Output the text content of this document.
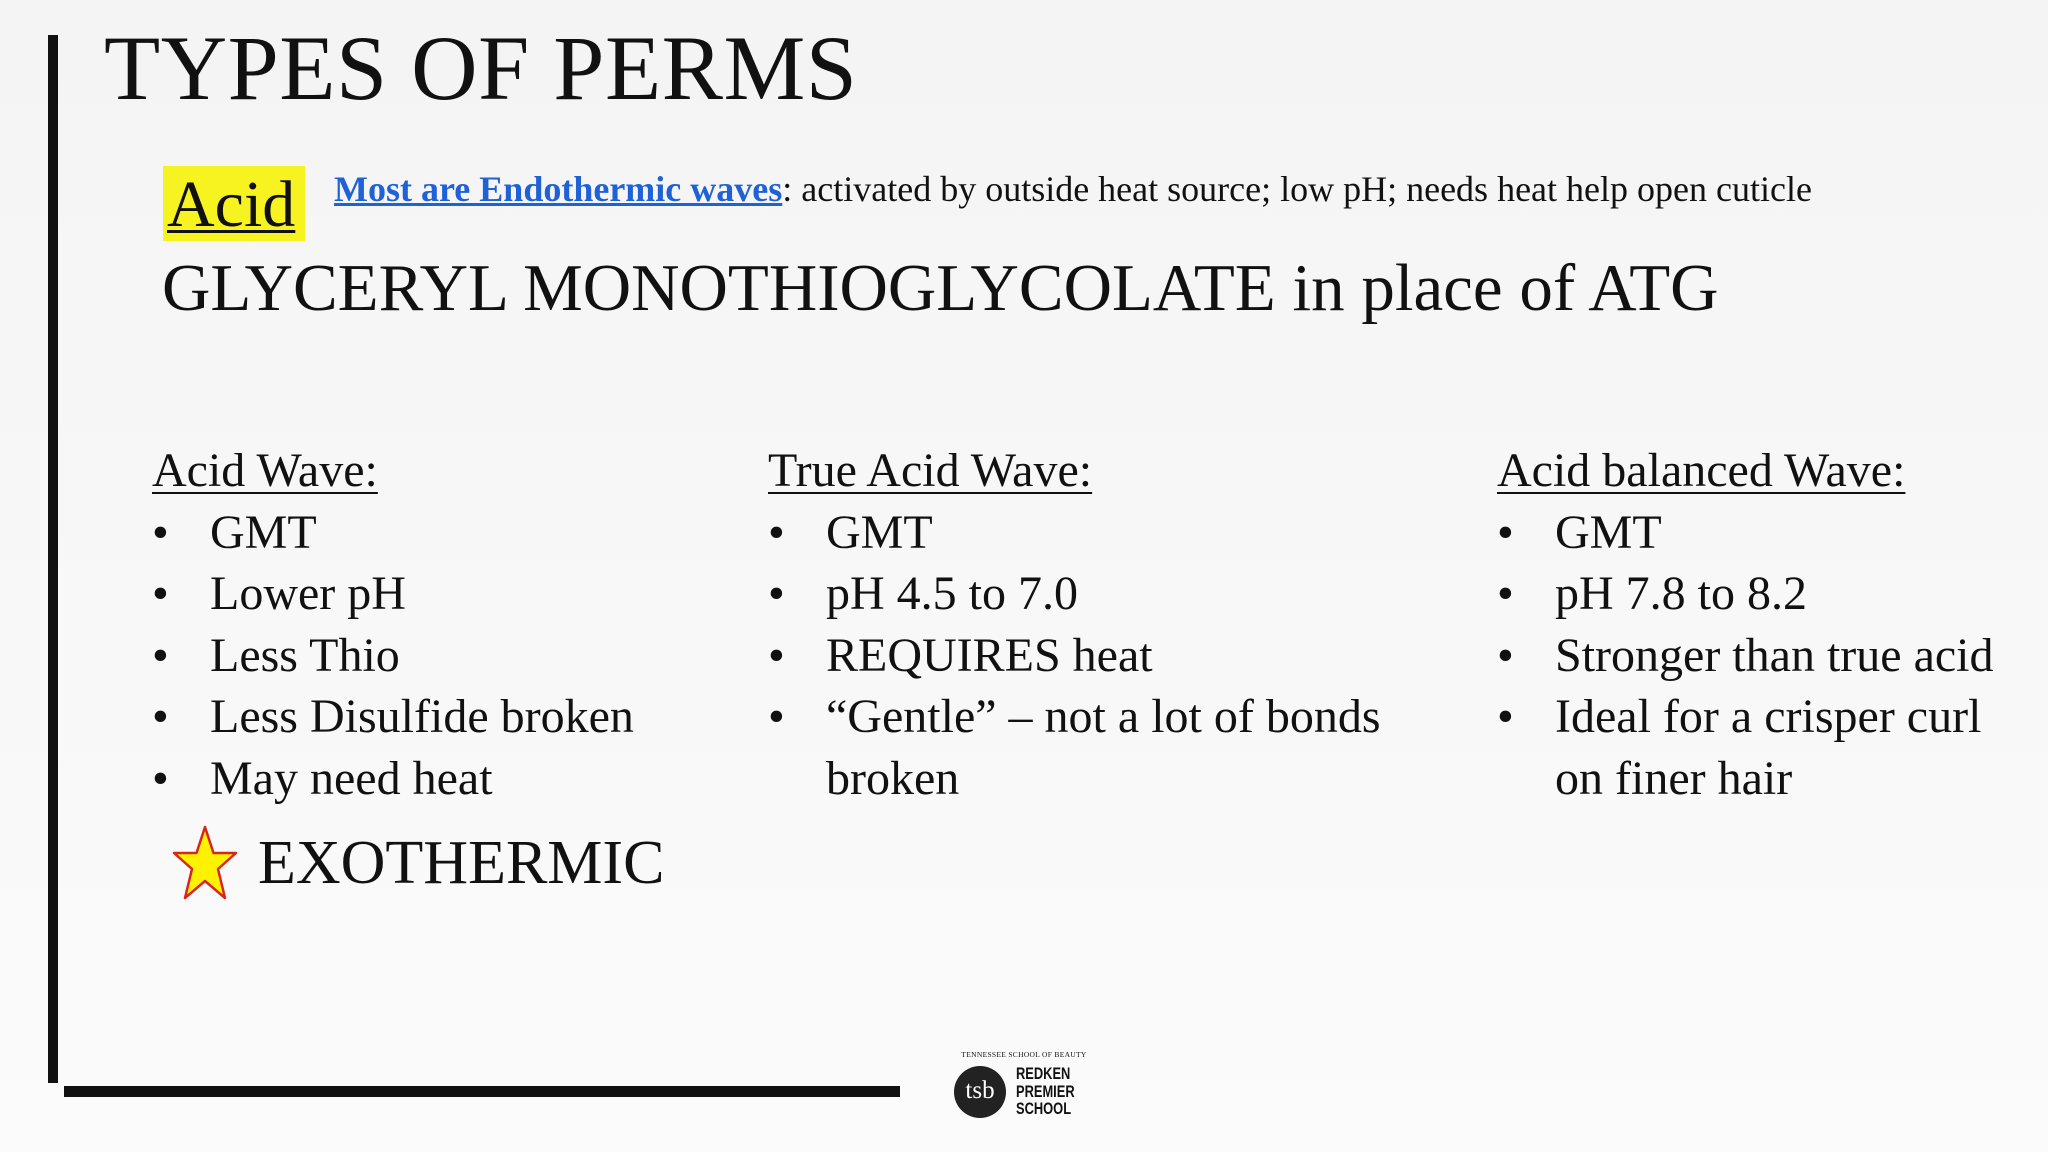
TYPES OF PERMS
Acid Most are Endothermic waves: activated by outside heat source; low pH; needs heat help open cuticle
GLYCERYL MONOTHIOGLYCOLATE in place of ATG
Acid Wave:
• GMT
• Lower pH
• Less Thio
• Less Disulfide broken
• May need heat
True Acid Wave:
• GMT
• pH 4.5 to 7.0
• REQUIRES heat
• “Gentle” – not a lot of bonds broken
Acid balanced Wave:
• GMT
• pH 7.8 to 8.2
• Stronger than true acid
• Ideal for a crisper curl on finer hair
EXOTHERMIC
TENNESSEE SCHOOL OF BEAUTY
tsb
REDKEN
PREMIER
SCHOOL
